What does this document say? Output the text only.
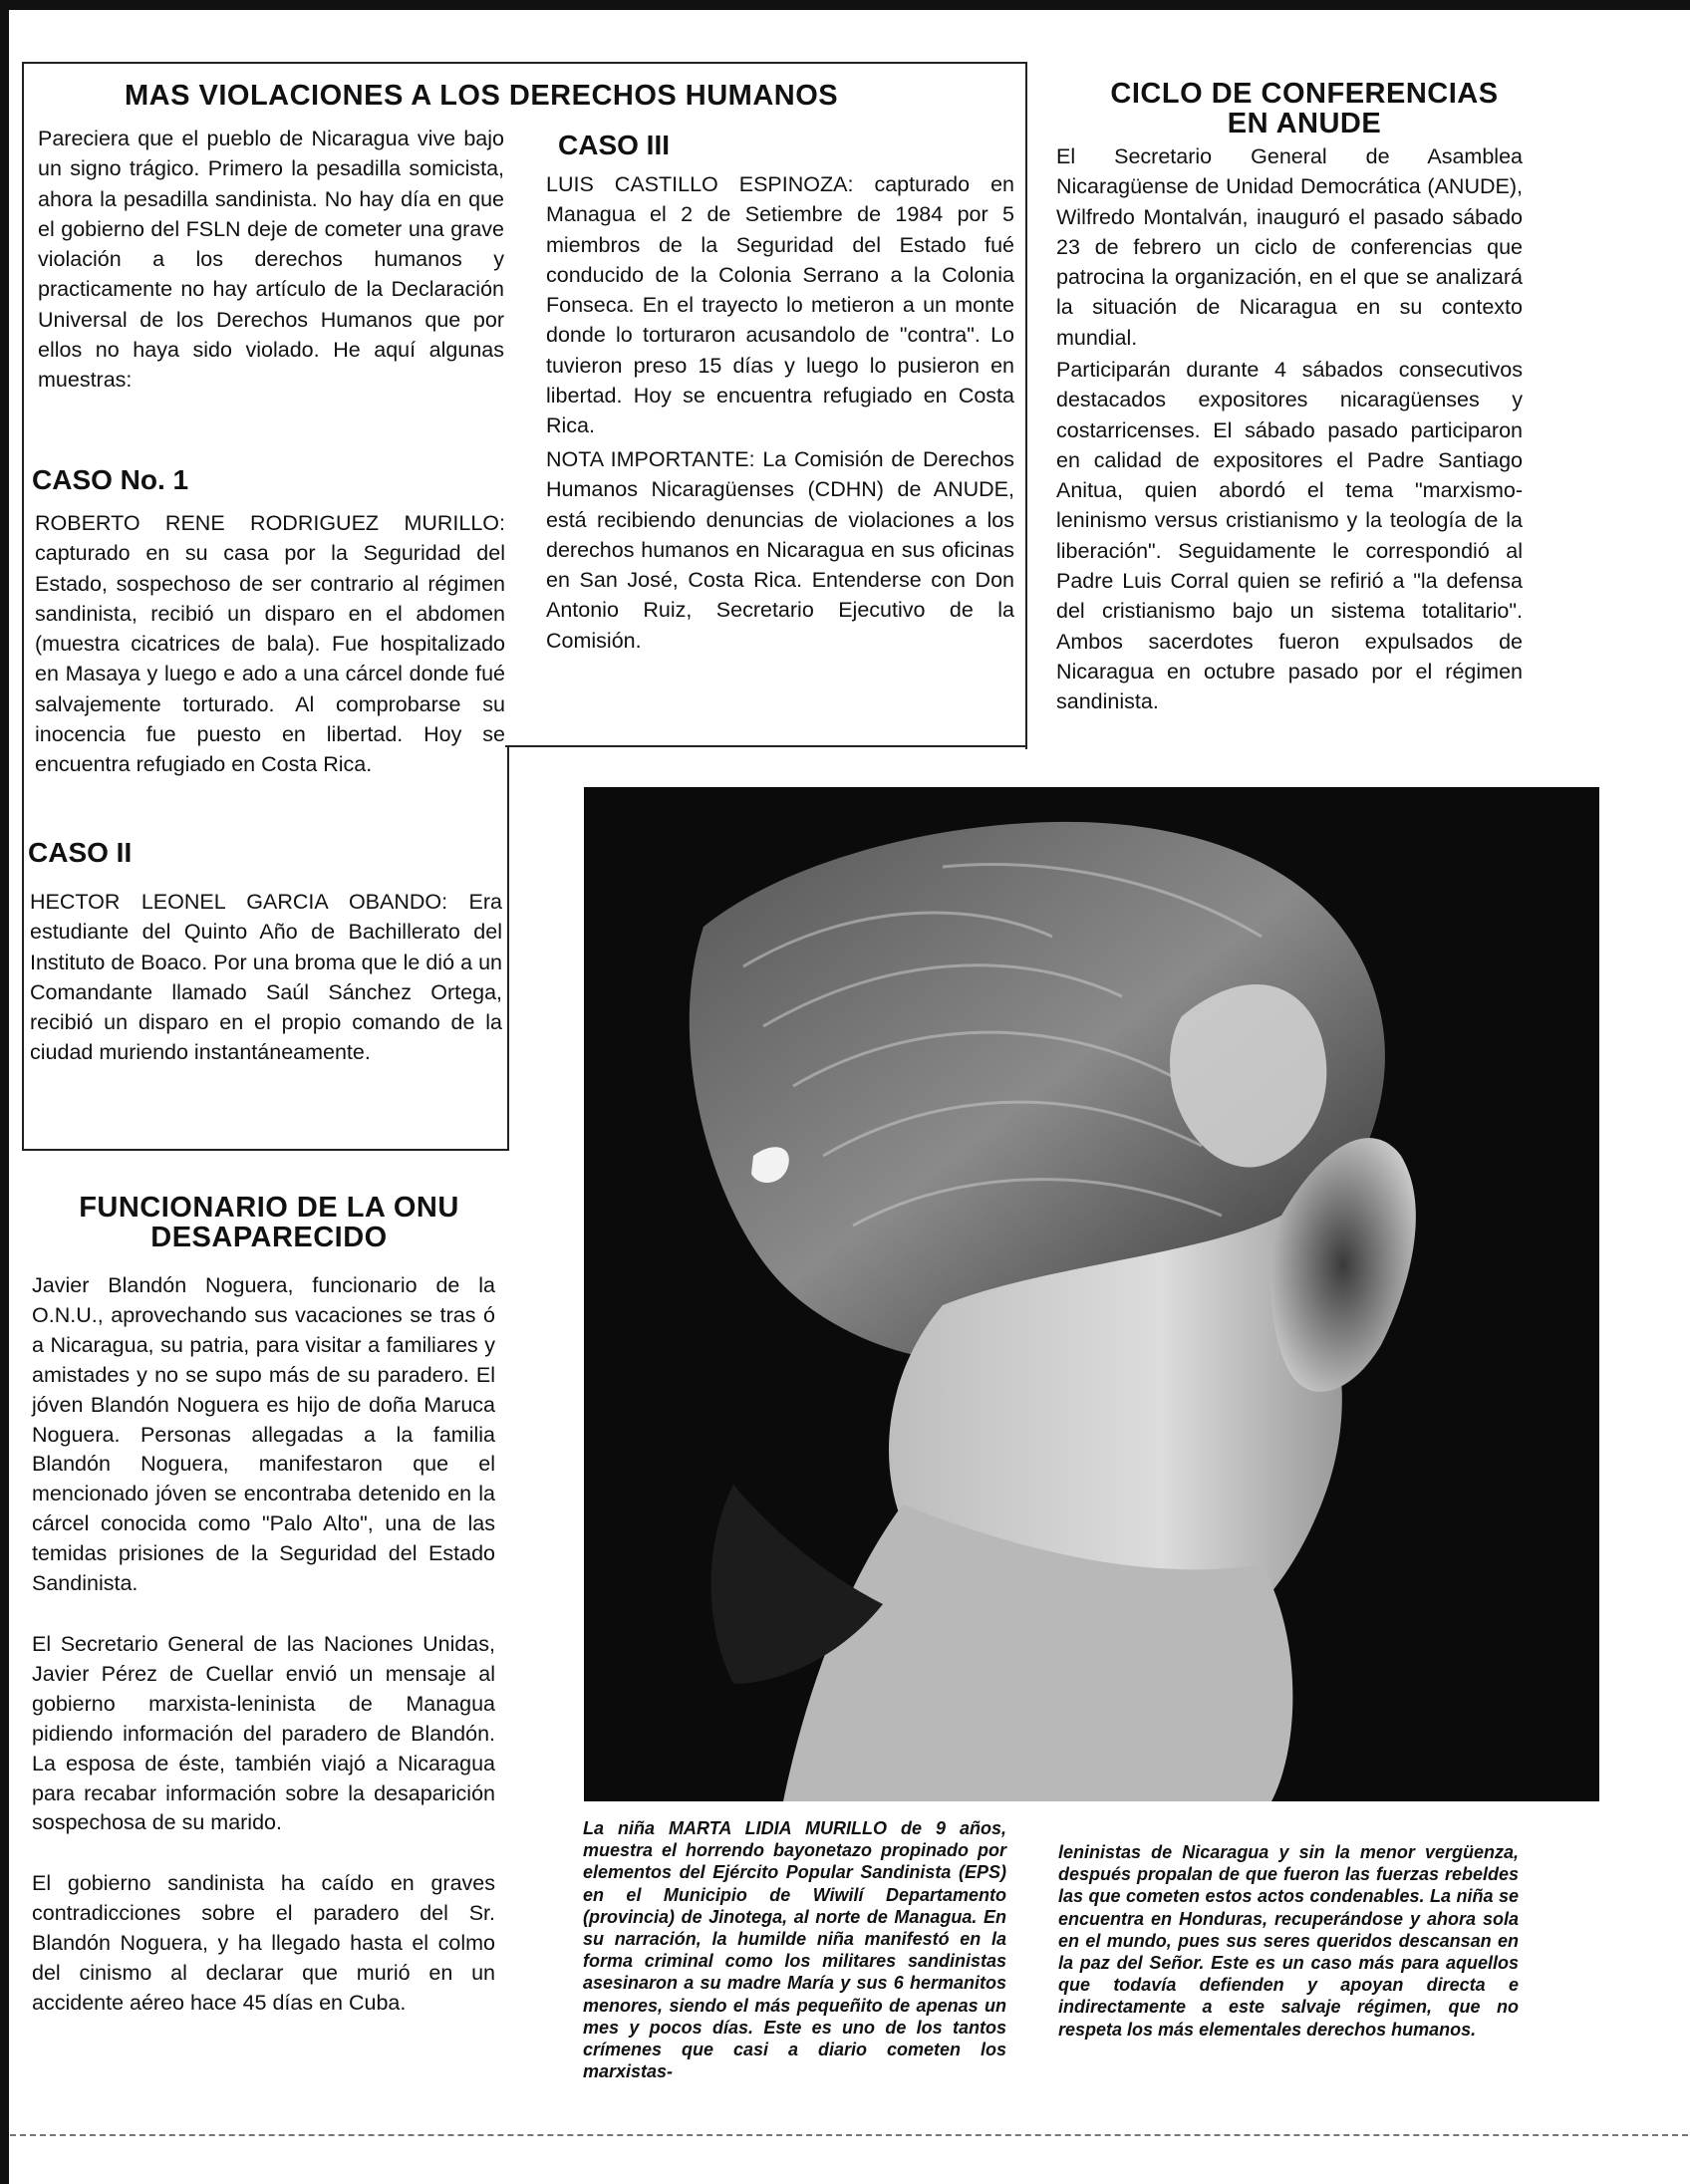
MAS VIOLACIONES A LOS DERECHOS HUMANOS
Pareciera que el pueblo de Nicaragua vive bajo un signo trágico. Primero la pesadilla somicista, ahora la pesadilla sandinista. No hay día en que el gobierno del FSLN deje de cometer una grave violación a los derechos humanos y practicamente no hay artículo de la Declaración Universal de los Derechos Humanos que por ellos no haya sido violado. He aquí algunas muestras:
CASO No. 1
ROBERTO RENE RODRIGUEZ MURILLO: capturado en su casa por la Seguridad del Estado, sospechoso de ser contrario al régimen sandinista, recibió un disparo en el abdomen (muestra cicatrices de bala). Fue hospitalizado en Masaya y luego e ado a una cárcel donde fué salvajemente torturado. Al comprobarse su inocencia fue puesto en libertad. Hoy se encuentra refugiado en Costa Rica.
CASO II
HECTOR LEONEL GARCIA OBANDO: Era estudiante del Quinto Año de Bachillerato del Instituto de Boaco. Por una broma que le dió a un Comandante llamado Saúl Sánchez Ortega, recibió un disparo en el propio comando de la ciudad muriendo instantáneamente.
CASO III
LUIS CASTILLO ESPINOZA: capturado en Managua el 2 de Setiembre de 1984 por 5 miembros de la Seguridad del Estado fué conducido de la Colonia Serrano a la Colonia Fonseca. En el trayecto lo metieron a un monte donde lo torturaron acusandolo de "contra". Lo tuvieron preso 15 días y luego lo pusieron en libertad. Hoy se encuentra refugiado en Costa Rica.
NOTA IMPORTANTE: La Comisión de Derechos Humanos Nicaragüenses (CDHN) de ANUDE, está recibiendo denuncias de violaciones a los derechos humanos en Nicaragua en sus oficinas en San José, Costa Rica. Entenderse con Don Antonio Ruiz, Secretario Ejecutivo de la Comisión.
CICLO DE CONFERENCIAS
EN ANUDE
El Secretario General de Asamblea Nicaragüense de Unidad Democrática (ANUDE), Wilfredo Montalván, inauguró el pasado sábado 23 de febrero un ciclo de conferencias que patrocina la organización, en el que se analizará la situación de Nicaragua en su contexto mundial.
Participarán durante 4 sábados consecutivos destacados expositores nicaragüenses y costarricenses. El sábado pasado participaron en calidad de expositores el Padre Santiago Anitua, quien abordó el tema "marxismo-leninismo versus cristianismo y la teología de la liberación". Seguidamente le correspondió al Padre Luis Corral quien se refirió a "la defensa del cristianismo bajo un sistema totalitario". Ambos sacerdotes fueron expulsados de Nicaragua en octubre pasado por el régimen sandinista.
FUNCIONARIO DE LA ONU
DESAPARECIDO
Javier Blandón Noguera, funcionario de la O.N.U., aprovechando sus vacaciones se tras ó a Nicaragua, su patria, para visitar a familiares y amistades y no se supo más de su paradero. El jóven Blandón Noguera es hijo de doña Maruca Noguera. Personas allegadas a la familia Blandón Noguera, manifestaron que el mencionado jóven se encontraba detenido en la cárcel conocida como "Palo Alto", una de las temidas prisiones de la Seguridad del Estado Sandinista.
El Secretario General de las Naciones Unidas, Javier Pérez de Cuellar envió un mensaje al gobierno marxista-leninista de Managua pidiendo información del paradero de Blandón. La esposa de éste, también viajó a Nicaragua para recabar información sobre la desaparición sospechosa de su marido.
El gobierno sandinista ha caído en graves contradicciones sobre el paradero del Sr. Blandón Noguera, y ha llegado hasta el colmo del cinismo al declarar que murió en un accidente aéreo hace 45 días en Cuba.
La niña MARTA LIDIA MURILLO de 9 años, muestra el horrendo bayonetazo propinado por elementos del Ejército Popular Sandinista (EPS) en el Municipio de Wiwilí Departamento (provincia) de Jinotega, al norte de Managua. En su narración, la humilde niña manifestó en la forma criminal como los militares sandinistas asesinaron a su madre María y sus 6 hermanitos menores, siendo el más pequeñito de apenas un mes y pocos días. Este es uno de los tantos crímenes que casi a diario cometen los marxistas-
leninistas de Nicaragua y sin la menor vergüenza, después propalan de que fueron las fuerzas rebeldes las que cometen estos actos condenables. La niña se encuentra en Honduras, recuperándose y ahora sola en el mundo, pues sus seres queridos descansan en la paz del Señor. Este es un caso más para aquellos que todavía defienden y apoyan directa e indirectamente a este salvaje régimen, que no respeta los más elementales derechos humanos.
